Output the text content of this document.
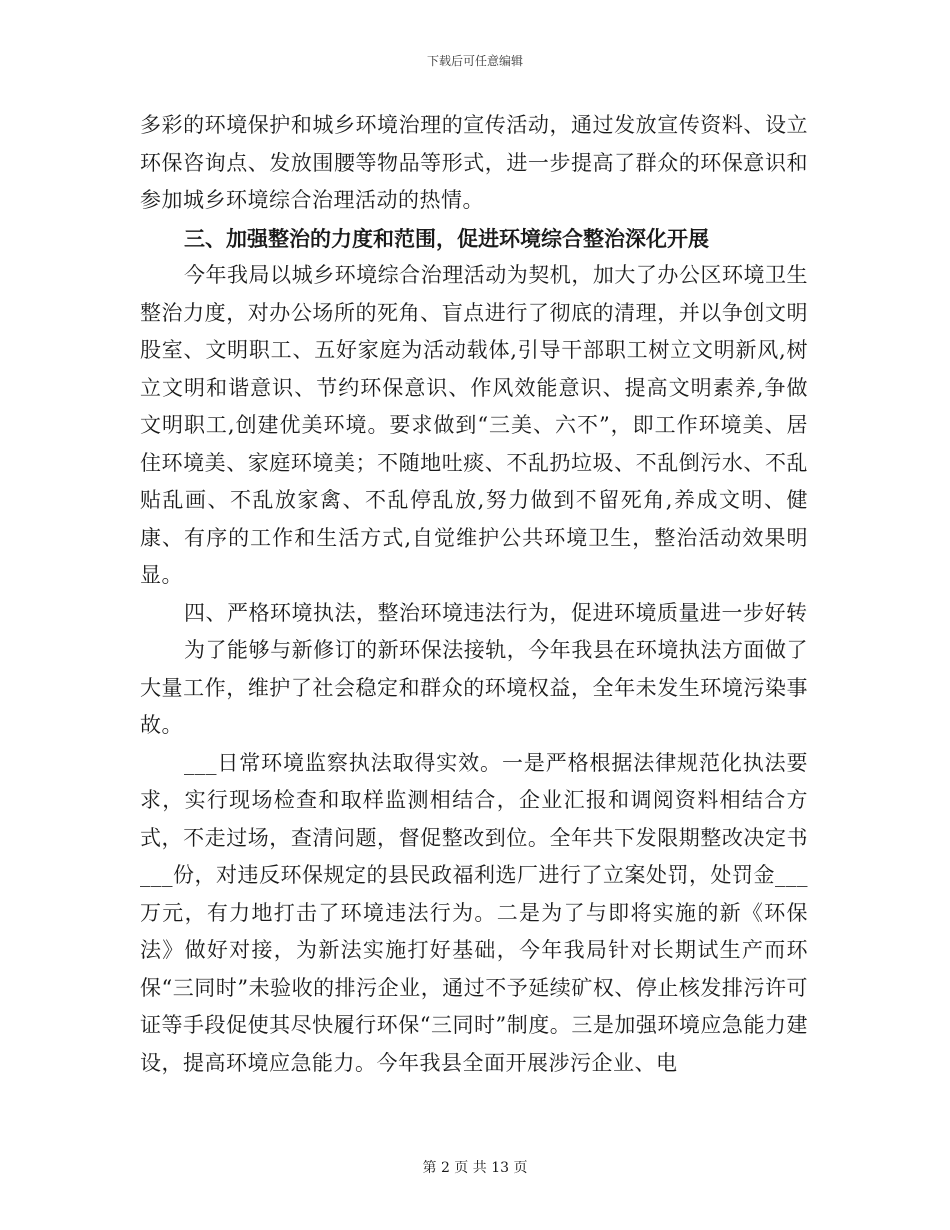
下载后可任意编辑

多彩的环境保护和城乡环境治理的宣传活动，通过发放宣传资料、设立环保咨询点、发放围腰等物品等形式，进一步提高了群众的环保意识和参加城乡环境综合治理活动的热情。

三、加强整治的力度和范围，促进环境综合整治深化开展

今年我局以城乡环境综合治理活动为契机，加大了办公区环境卫生整治力度，对办公场所的死角、盲点进行了彻底的清理，并以争创文明股室、文明职工、五好家庭为活动载体,引导干部职工树立文明新风,树立文明和谐意识、节约环保意识、作风效能意识、提高文明素养,争做文明职工,创建优美环境。要求做到“三美、六不”，即工作环境美、居住环境美、家庭环境美；不随地吐痰、不乱扔垃圾、不乱倒污水、不乱贴乱画、不乱放家禽、不乱停乱放,努力做到不留死角,养成文明、健康、有序的工作和生活方式,自觉维护公共环境卫生，整治活动效果明显。

四、严格环境执法，整治环境违法行为，促进环境质量进一步好转

为了能够与新修订的新环保法接轨，今年我县在环境执法方面做了大量工作，维护了社会稳定和群众的环境权益，全年未发生环境污染事故。

___日常环境监察执法取得实效。一是严格根据法律规范化执法要求，实行现场检查和取样监测相结合，企业汇报和调阅资料相结合方式，不走过场，查清问题，督促整改到位。全年共下发限期整改决定书___份，对违反环保规定的县民政福利选厂进行了立案处罚，处罚金___万元，有力地打击了环境违法行为。二是为了与即将实施的新《环保法》做好对接，为新法实施打好基础，今年我局针对长期试生产而环保“三同时”未验收的排污企业，通过不予延续矿权、停止核发排污许可证等手段促使其尽快履行环保“三同时”制度。三是加强环境应急能力建设，提高环境应急能力。今年我县全面开展涉污企业、电

第 2 页 共 13 页
